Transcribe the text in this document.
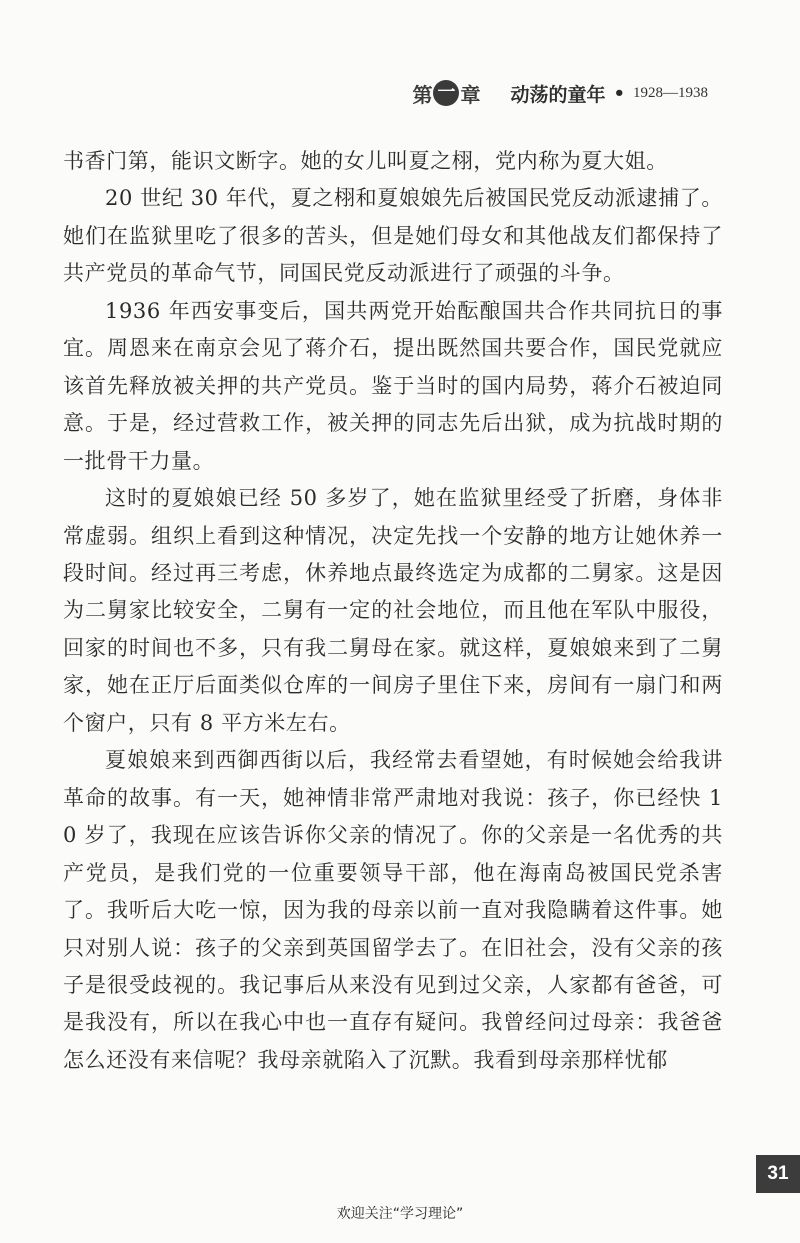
第 一 章 动荡的童年 • 1928—1938

书香门第，能识文断字。她的女儿叫夏之栩，党内称为夏大姐。

20 世纪 30 年代，夏之栩和夏娘娘先后被国民党反动派逮捕了。她们在监狱里吃了很多的苦头，但是她们母女和其他战友们都保持了共产党员的革命气节，同国民党反动派进行了顽强的斗争。

1936 年西安事变后，国共两党开始酝酿国共合作共同抗日的事宜。周恩来在南京会见了蒋介石，提出既然国共要合作，国民党就应该首先释放被关押的共产党员。鉴于当时的国内局势，蒋介石被迫同意。于是，经过营救工作，被关押的同志先后出狱，成为抗战时期的一批骨干力量。

这时的夏娘娘已经 50 多岁了，她在监狱里经受了折磨，身体非常虚弱。组织上看到这种情况，决定先找一个安静的地方让她休养一段时间。经过再三考虑，休养地点最终选定为成都的二舅家。这是因为二舅家比较安全，二舅有一定的社会地位，而且他在军队中服役，回家的时间也不多，只有我二舅母在家。就这样，夏娘娘来到了二舅家，她在正厅后面类似仓库的一间房子里住下来，房间有一扇门和两个窗户，只有 8 平方米左右。

夏娘娘来到西御西街以后，我经常去看望她，有时候她会给我讲革命的故事。有一天，她神情非常严肃地对我说：孩子，你已经快 10 岁了，我现在应该告诉你父亲的情况了。你的父亲是一名优秀的共产党员，是我们党的一位重要领导干部，他在海南岛被国民党杀害了。我听后大吃一惊，因为我的母亲以前一直对我隐瞒着这件事。她只对别人说：孩子的父亲到英国留学去了。在旧社会，没有父亲的孩子是很受歧视的。我记事后从来没有见到过父亲，人家都有爸爸，可是我没有，所以在我心中也一直存有疑问。我曾经问过母亲：我爸爸怎么还没有来信呢？我母亲就陷入了沉默。我看到母亲那样忧郁

31
欢迎关注“学习理论”
